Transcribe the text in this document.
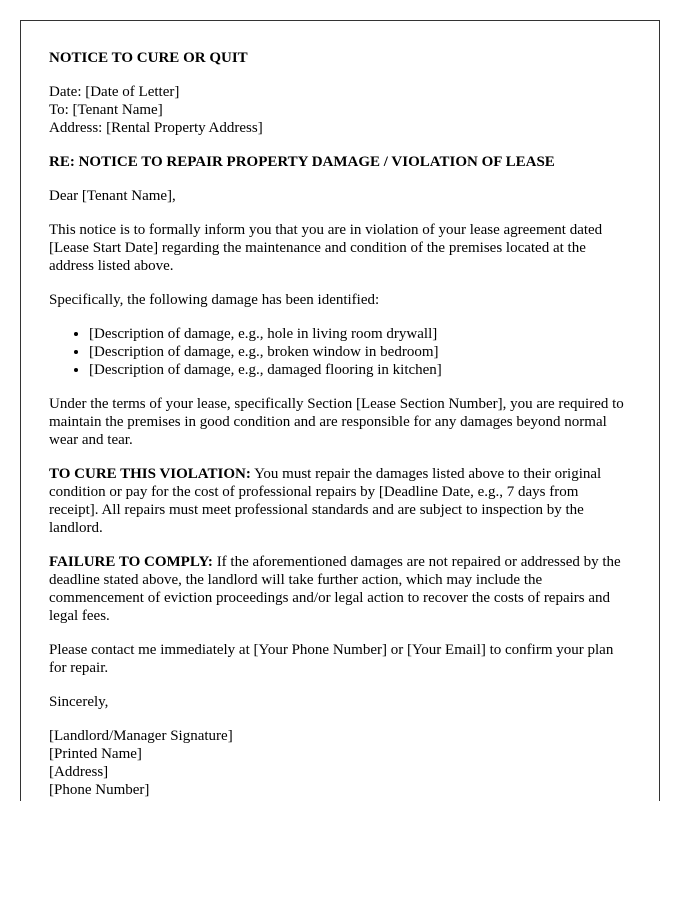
NOTICE TO CURE OR QUIT

Date: [Date of Letter]
To: [Tenant Name]
Address: [Rental Property Address]

RE: NOTICE TO REPAIR PROPERTY DAMAGE / VIOLATION OF LEASE

Dear [Tenant Name],

This notice is to formally inform you that you are in violation of your lease agreement dated [Lease Start Date] regarding the maintenance and condition of the premises located at the address listed above.

Specifically, the following damage has been identified:

• [Description of damage, e.g., hole in living room drywall]
• [Description of damage, e.g., broken window in bedroom]
• [Description of damage, e.g., damaged flooring in kitchen]

Under the terms of your lease, specifically Section [Lease Section Number], you are required to maintain the premises in good condition and are responsible for any damages beyond normal wear and tear.

TO CURE THIS VIOLATION: You must repair the damages listed above to their original condition or pay for the cost of professional repairs by [Deadline Date, e.g., 7 days from receipt]. All repairs must meet professional standards and are subject to inspection by the landlord.

FAILURE TO COMPLY: If the aforementioned damages are not repaired or addressed by the deadline stated above, the landlord will take further action, which may include the commencement of eviction proceedings and/or legal action to recover the costs of repairs and legal fees.

Please contact me immediately at [Your Phone Number] or [Your Email] to confirm your plan for repair.

Sincerely,

[Landlord/Manager Signature]
[Printed Name]
[Address]
[Phone Number]
